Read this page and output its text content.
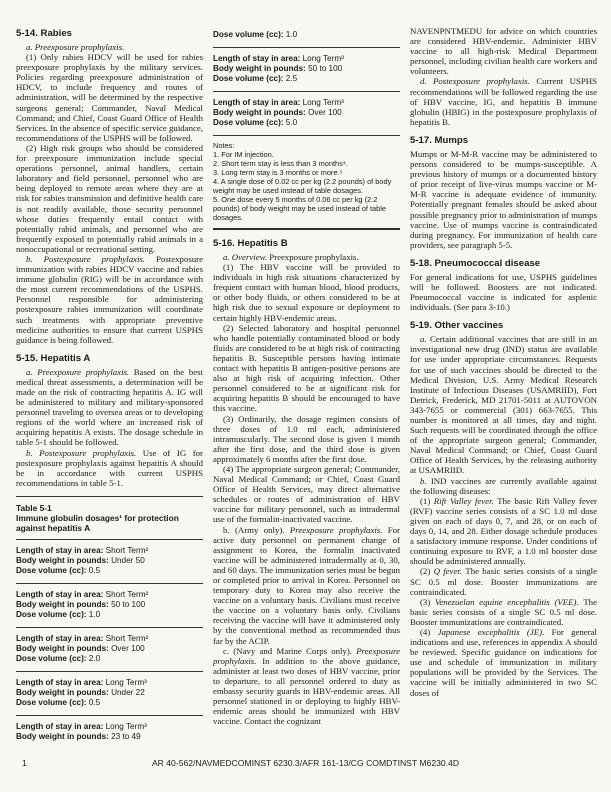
5-14. Rabies

a. Preexposure prophylaxis.

(1) Only rabies HDCV will be used for rabies preexposure prophylaxis by the military services. Policies regarding preexposure administration of HDCV, to include frequency and routes of administration, will be determined by the respective surgeons general; Commander, Naval Medical Command; and Chief, Coast Guard Office of Health Services. In the absence of specific service guidance, recommendations of the USPHS will be followed.

(2) High risk groups who should be considered for preexposure immunization include special operations personnel, animal handlers, certain laboratory and field personnel, personnel who are being deployed to remote areas where they are at risk for rabies transmission and definitive health care is not readily available, those security personnel whose duties frequently entail contact with potentially rabid animals, and personnel who are frequently exposed to potentially rabid animals in a nonoccupational or recreational setting.

b. Postexposure prophylaxis. Postexposure immunization with rabies HDCV vaccine and rabies immune globulin (RIG) will be in accordance with the most current recommendations of the USPHS. Personnel responsible for administering postexposure rabies immunization will coordinate such treatments with appropriate preventive medicine authorities to ensure that current USPHS guidance is being followed.

5-15. Hepatitis A

a. Preexposure prophylaxis. Based on the best medical threat assessments, a determination will be made on the risk of contracting hepatitis A. IG will be administered to military and military-sponsored personnel traveling to oversea areas or to developing regions of the world where an increased risk of acquiring hepatitis A exists. The dosage schedule in table 5-1 should be followed.

b. Postexposure prophylaxis. Use of IG for postexposure prophylaxis against hepatitis A should be in accordance with current USPHS recommendations in table 5-1.

Table 5-1
Immune globulin dosages¹ for protection against hepatitis A
Length of stay in area: Short Term²
Body weight in pounds: Under 50
Dose volume (cc): 0.5
Length of stay in area: Short Term²
Body weight in pounds: 50 to 100
Dose volume (cc): 1.0
Length of stay in area: Short Term²
Body weight in pounds: Over 100
Dose volume (cc): 2.0
Length of stay in area: Long Term³
Body weight in pounds: Under 22
Dose volume (cc): 0.5
Length of stay in area: Long Term³
Body weight in pounds: 23 to 49
Dose volume (cc): 1.0
Length of stay in area: Long Term³
Body weight in pounds: 50 to 100
Dose volume (cc): 2.5
Length of stay in area: Long Term³
Body weight in pounds: Over 100
Dose volume (cc): 5.0
Notes:
1. For IM injection.
2. Short term stay is less than 3 months⁴.
3. Long term stay is 3 months or more.⁵
4. A single dose of 0.02 cc per kg (2.2 pounds) of body weight may be used instead of table dosages.
5. One dose every 5 months of 0.06 cc per kg (2.2 pounds) of body weight may be used instead of table dosages.
5-16. Hepatitis B

a. Overview. Preexposure prophylaxis.

(1) The HBV vaccine will be provided to individuals in high risk situations characterized by frequent contact with human blood, blood products, or other body fluids, or others considered to be at high risk due to sexual exposure or deployment to certain highly HBV-endemic areas.

(2) Selected laboratory and hospital personnel who handle potentially contaminated blood or body fluids are considered to be at high risk of contracting hepatitis B. Susceptible persons having intimate contact with hepatitis B antigen-positive persons are also at high risk of acquiring infection. Other personnel considered to be at significant risk for acquiring hepatitis B should be encouraged to have this vaccine.

(3) Ordinarily, the dosage regimen consists of three doses of 1.0 ml each, administered intramuscularly. The second dose is given 1 month after the first dose, and the third dose is given approximately 6 months after the first dose.

(4) The appropriate surgeon general; Commander, Naval Medical Command; or Chief, Coast Guard Office of Health Services, may direct alternative schedules or routes of administration of HBV vaccine for military personnel, such as intradermal use of the formalin-inactivated vaccine.

b. (Army only). Preexposure prophylaxis. For active duty personnel on permanent change of assignment to Korea, the formalin inactivated vaccine will be administered intradermally at 0, 30, and 60 days. The immunization series must be begun or completed prior to arrival in Korea. Personnel on temporary duty to Korea may also receive the vaccine on a voluntary basis. Civilians must receive the vaccine on a voluntary basis only. Civilians receiving the vaccine will have it administered only by the conventional method as recommended thus far by the ACIP.

c. (Navy and Marine Corps only). Preexposure prophylaxis. In addition to the above guidance, administer at least two doses of HBV vaccine, prior to departure, to all personnel ordered to duty as embassy security guards in HBV-endemic areas. All personnel stationed in or deploying to highly HBV-endemic areas should be immunized with HBV vaccine. Contact the cognizant

NAVENPNTMEDU for advice on which countries are considered HBV-endemic. Administer HBV vaccine to all high-risk Medical Department personnel, including civilian health care workers and volunteers.

d. Postexposure prophylaxis. Current USPHS recommendations will be followed regarding the use of HBV vaccine, IG, and hepatitis B immune globulin (HBIG) in the postexposure prophylaxis of hepatitis B.

5-17. Mumps

Mumps or M-M-R vaccine may be administered to persons considered to be mumps-susceptible. A previous history of mumps or a documented history of prior receipt of live-virus mumps vaccine or M-M-R vaccine is adequate evidence of immunity. Potentially pregnant females should be asked about possible pregnancy prior to administration of mumps vaccine. Use of mumps vaccine is contraindicated during pregnancy. For immunization of health care providers, see paragraph 5-5.

5-18. Pneumococcal disease

For general indications for use, USPHS guidelines will be followed. Boosters are not indicated. Pneumococcal vaccine is indicated for asplenic individuals. (See para 3-10.)

5-19. Other vaccines

a. Certain additional vaccines that are still in an investigational new drug (IND) status are available for use under appropriate circumstances. Requests for use of such vaccines should be directed to the Medical Division, U.S. Army Medical Research Institute of Infectious Diseases (USAMRIID), Fort Detrick, Frederick, MD 21701-5011 at AUTOVON 343-7655 or commercial (301) 663-7655. This number is monitored at all times, day and night. Such requests will be coordinated through the office of the appropriate surgeon general; Commander, Naval Medical Command; or Chief, Coast Guard Office of Health Services, by the releasing authority at USAMRIID.

b. IND vaccines are currently available against the following diseases:

(1) Rift Valley fever. The basic Rift Valley fever (RVF) vaccine series consists of a SC 1.0 ml dose given on each of days 0, 7, and 28, or on each of days 0, 14, and 28. Either dosage schedule produces a satisfactory immune response. Under conditions of continuing exposure to RVF, a 1.0 ml booster dose should be administered annually.

(2) Q fever. The basic series consists of a single SC 0.5 ml dose. Booster immunizations are contraindicated.

(3) Venezuelan equine encephalitis (VEE). The basic series consists of a single SC 0.5 ml dose. Booster immunizations are contraindicated.

(4) Japanese excephalitis (JE). For general indications and use, references in appendix A should be reviewed. Specific guidance on indications for use and schedule of immunization in military populations will be provided by the Services. The vaccine will be initially administered in two SC doses of

1	AR 40-562/NAVMEDCOMINST 6230.3/AFR 161-13/CG COMDTINST M6230.4D
